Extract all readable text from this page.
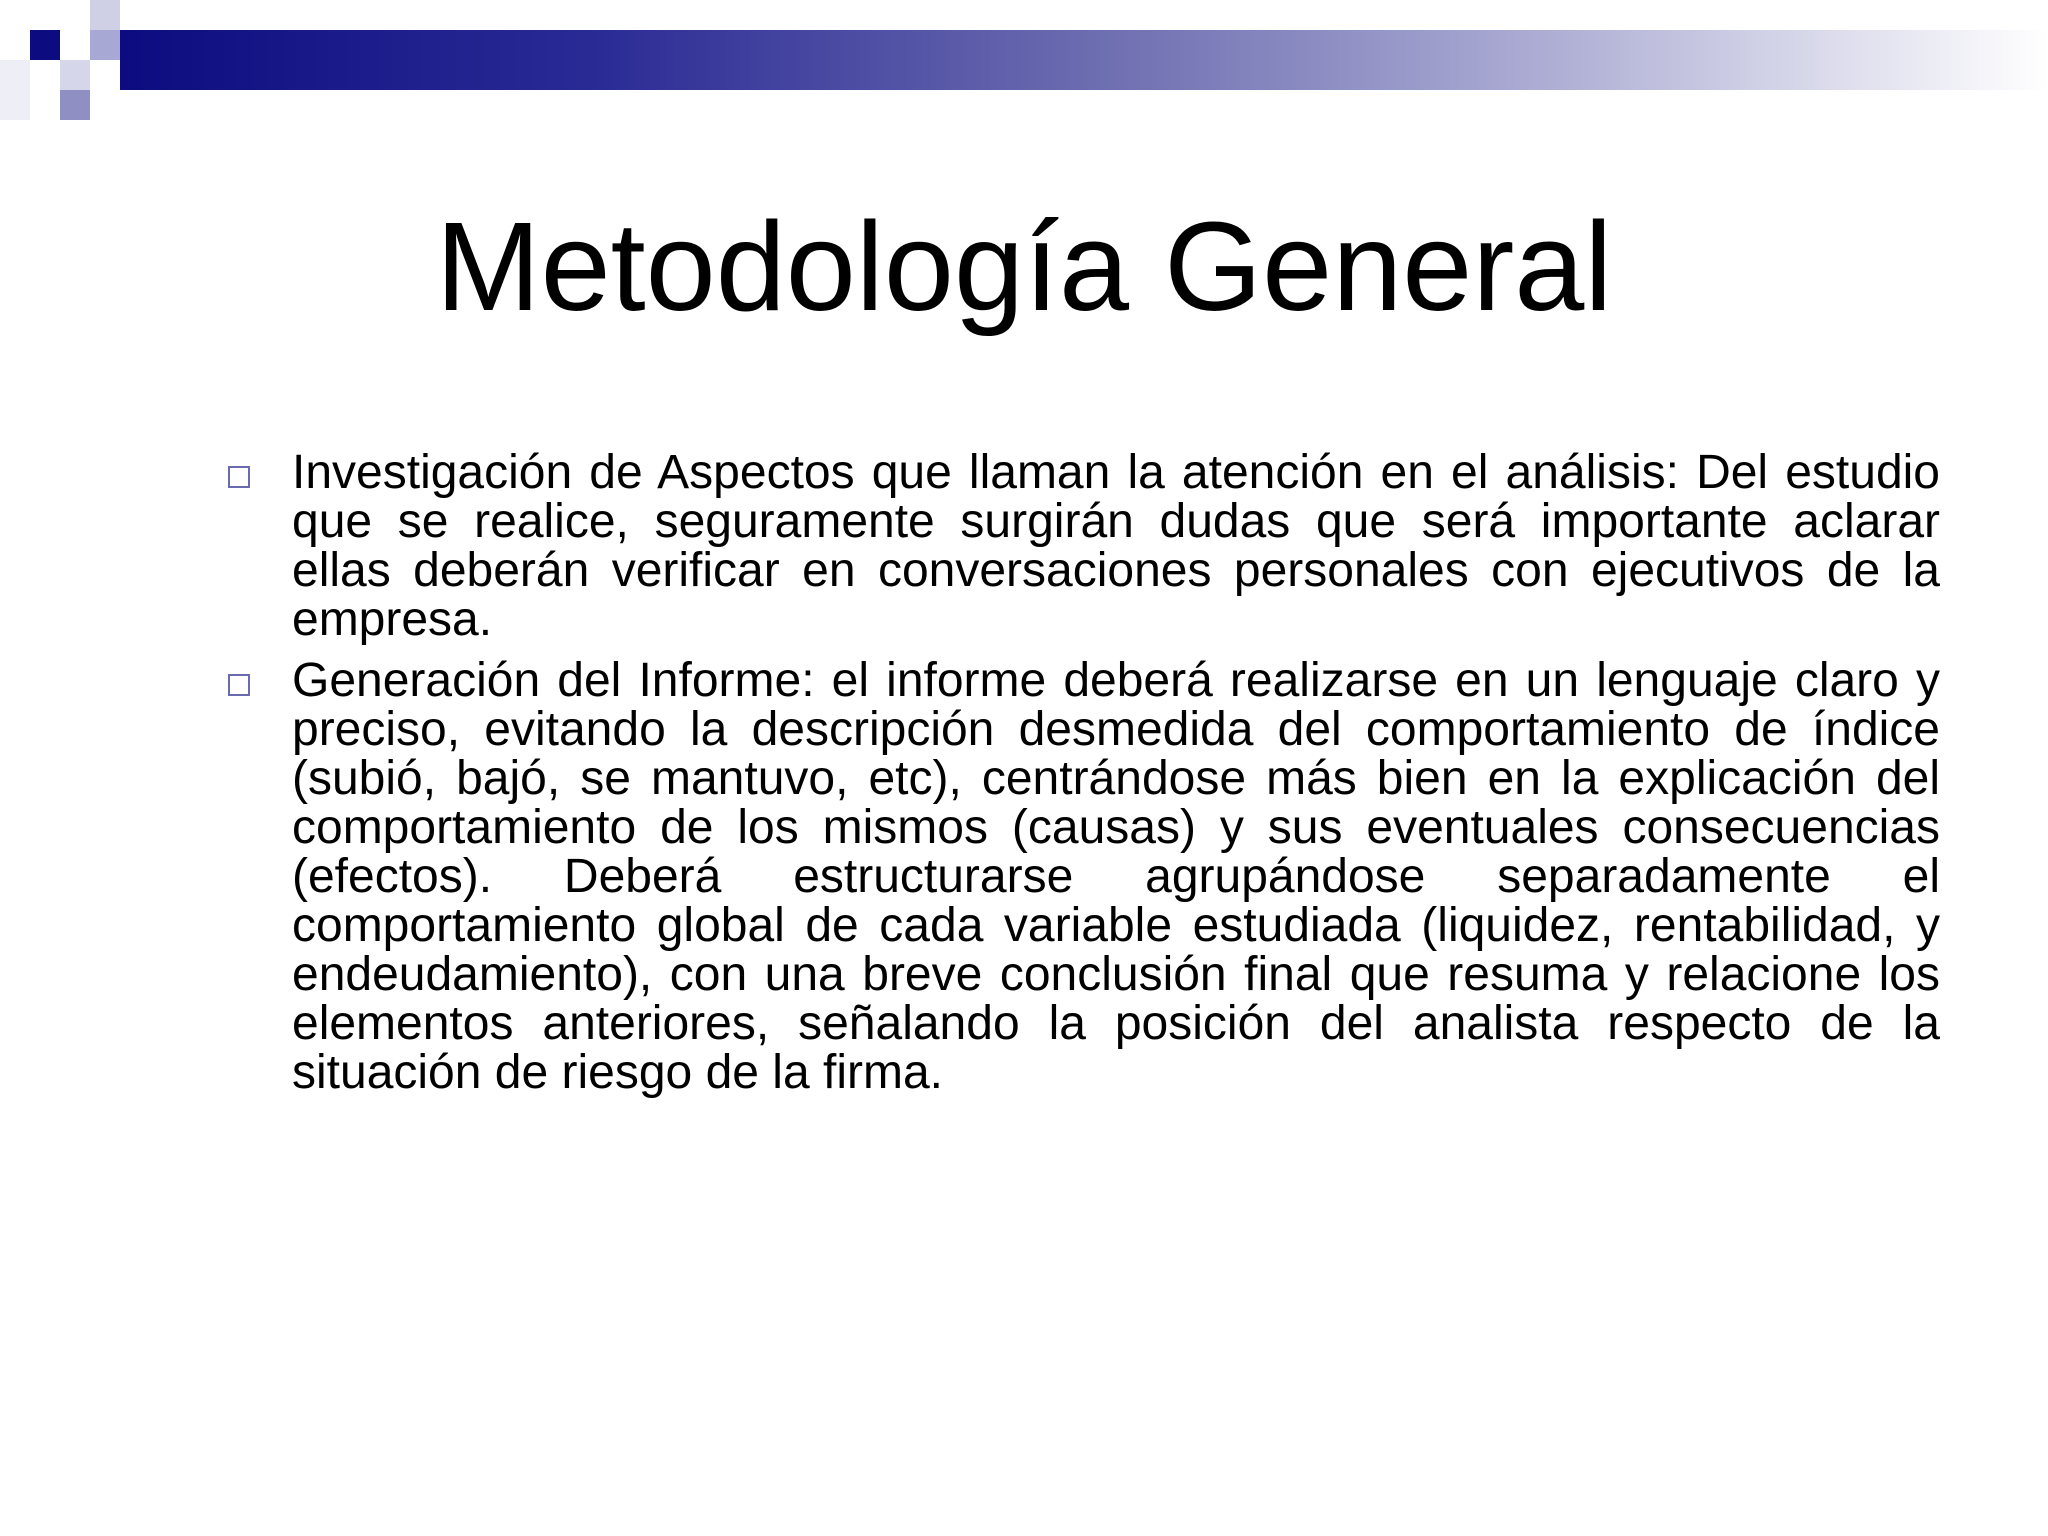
Metodología General
Investigación de Aspectos que llaman la atención en el análisis: Del estudio que se realice, seguramente surgirán dudas que será importante aclarar ellas deberán verificar en conversaciones personales con ejecutivos de la empresa.
Generación del Informe: el informe deberá realizarse en un lenguaje claro y preciso, evitando la descripción desmedida del comportamiento de índice (subió, bajó, se mantuvo, etc), centrándose más bien en la explicación del comportamiento de los mismos (causas) y sus eventuales consecuencias (efectos). Deberá estructurarse agrupándose separadamente el comportamiento global de cada variable estudiada (liquidez, rentabilidad, y endeudamiento), con una breve conclusión final que resuma y relacione los elementos anteriores, señalando la posición del analista respecto de la situación de riesgo de la firma.
